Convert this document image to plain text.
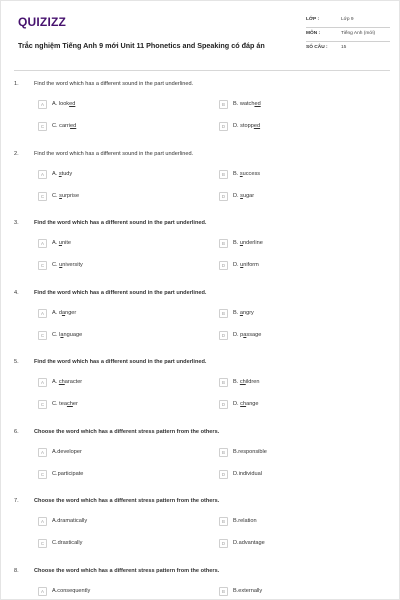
QUIZIZZ
Trắc nghiệm Tiếng Anh 9 mới Unit 11 Phonetics and Speaking có đáp án
LỚP :	Lớp 9
MÔN :	Tiếng Anh (mới)
SỐ CÂU :	15
1.	Find the word which has a different sound in the part underlined.
A	A. looked	B	B. watched
C	C. carried	D	D. stopped
2.	Find the word which has a different sound in the part underlined.
A	A. study	B	B. success
C	C. surprise	D	D. sugar
3.	Find the word which has a different sound in the part underlined.
A	A. unite	B	B. underline
C	C. university	D	D. uniform
4.	Find the word which has a different sound in the part underlined.
A	A. danger	B	B. angry
C	C. language	D	D. passage
5.	Find the word which has a different sound in the part underlined.
A	A. character	B	B. children
C	C. teacher	D	D. change
6.	Choose the word which has a different stress pattern from the others.
A	A.developer	B	B.responsible
C	C.participate	D	D.individual
7.	Choose the word which has a different stress pattern from the others.
A	A.dramatically	B	B.relation
C	C.drastically	D	D.advantage
8.	Choose the word which has a different stress pattern from the others.
A	A.consequently	B	B.externally
